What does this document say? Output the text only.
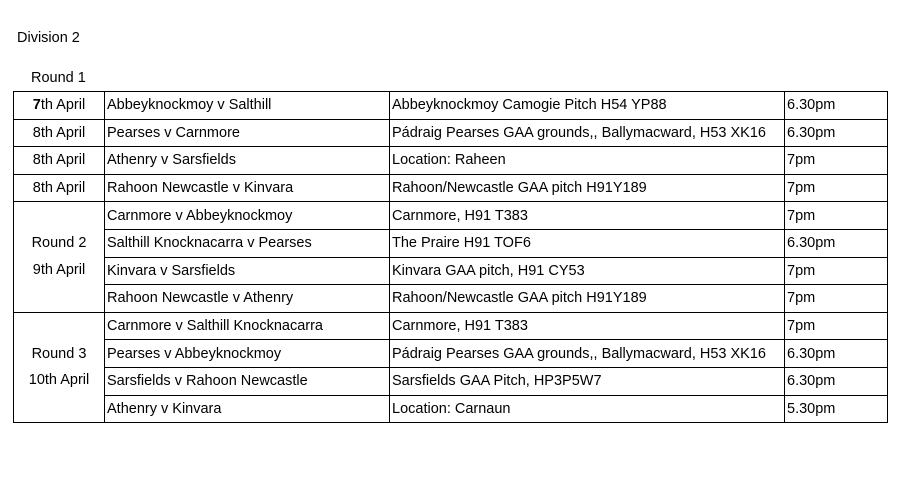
Division 2
Round 1
7th April	Abbeyknockmoy v Salthill	Abbeyknockmoy Camogie Pitch H54 YP88	6.30pm
8th April	Pearses v Carnmore	Pádraig Pearses GAA grounds,, Ballymacward, H53 XK16	6.30pm
8th April	Athenry v Sarsfields	Location: Raheen	7pm
8th April	Rahoon Newcastle v Kinvara	Rahoon/Newcastle GAA pitch H91Y189	7pm

Round 2
9th April	Carnmore v Abbeyknockmoy	Carnmore, H91 T383	7pm
	Salthill Knocknacarra v Pearses	The Praire H91 TOF6	6.30pm
	Kinvara v Sarsfields	Kinvara GAA pitch, H91 CY53	7pm
	Rahoon Newcastle v Athenry	Rahoon/Newcastle GAA pitch H91Y189	7pm

Round 3
10th April	Carnmore v Salthill Knocknacarra	Carnmore, H91 T383	7pm
	Pearses v Abbeyknockmoy	Pádraig Pearses GAA grounds,, Ballymacward, H53 XK16	6.30pm
	Sarsfields v Rahoon Newcastle	Sarsfields GAA Pitch, HP3P5W7	6.30pm
	Athenry v Kinvara	Location: Carnaun	5.30pm
